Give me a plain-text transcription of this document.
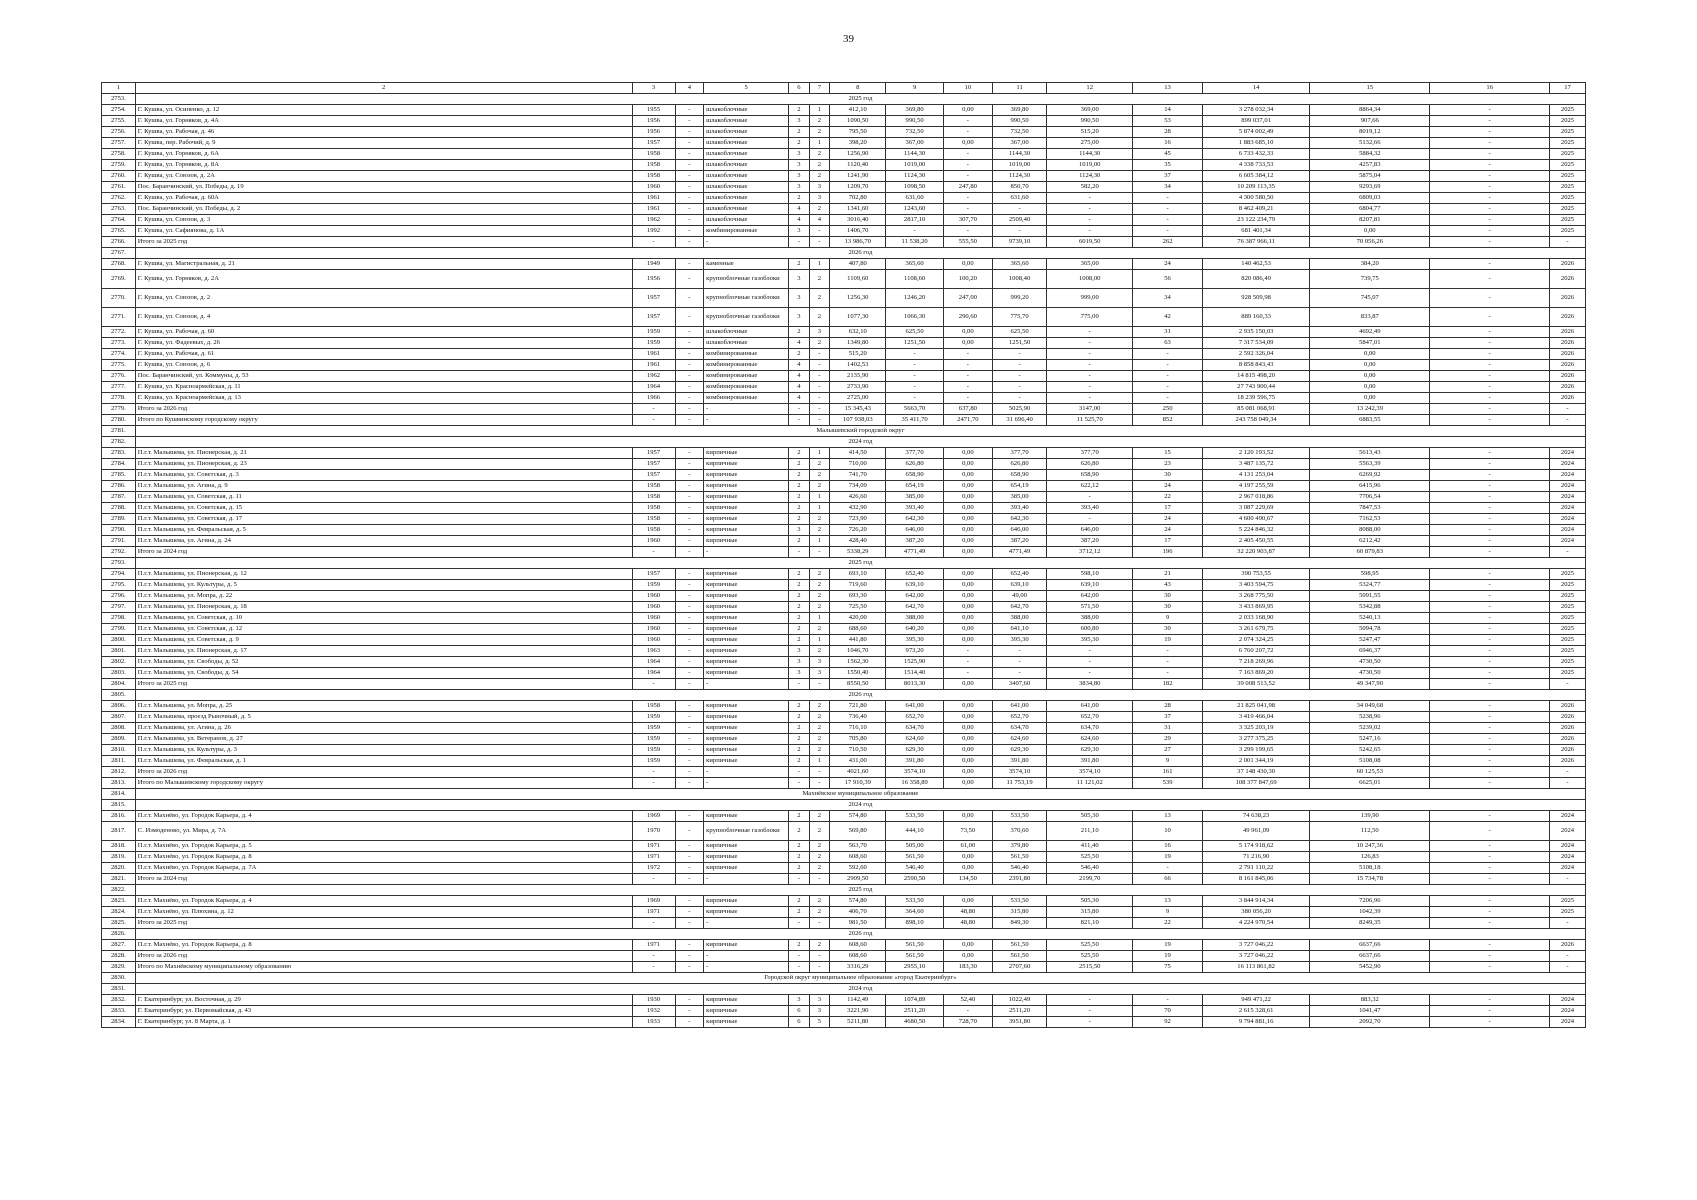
39
1	2	3	4	5	6	7	8	9	10	11	12	13	14	15	16	17
2753.	2025 год															
2754.	Г. Кушва, ул. Осипенко, д. 12	1955	-	шлакоблочные	2	1	412,10	369,80	0,00	369,80	369,00	14	3 278 032,34	8864,34	-	2025
2755.	Г. Кушва, ул. Горняков, д. 4А	1956	-	шлакоблочные	3	2	1090,50	990,50	-	990,50	990,50	53	899 037,01	907,66	-	2025
2756.	Г. Кушва, ул. Рабочая, д. 46	1956	-	шлакоблочные	2	2	795,50	732,50	-	732,50	515,20	28	5 874 002,49	8019,12	-	2025
2757.	Г. Кушва, пер. Рабочий, д. 9	1957	-	шлакоблочные	2	1	398,20	367,00	0,00	367,00	275,00	16	1 883 685,10	5132,66	-	2025
2758.	Г. Кушва, ул. Горняков, д. 6А	1958	-	шлакоблочные	3	2	1256,90	1144,30	-	1144,30	1144,30	45	6 733 432,33	5884,32	-	2025
2759.	Г. Кушва, ул. Горняков, д. 8А	1958	-	шлакоблочные	3	2	1120,40	1019,00	-	1019,00	1019,00	35	4 338 733,53	4257,83	-	2025
2760.	Г. Кушва, ул. Союзов, д. 2А	1958	-	шлакоблочные	3	2	1241,90	1124,30	-	1124,30	1124,30	37	6 605 384,12	5875,04	-	2025
2761.	Пос. Баранчинский, ул. Победы, д. 19	1960	-	шлакоблочные	3	3	1209,70	1098,50	247,80	850,70	582,20	34	10 209 113,35	9293,69	-	2025
2762.	Г. Кушва, ул. Рабочая, д. 60А	1961	-	шлакоблочные	2	3	702,80	631,60	-	631,60	-	-	4 300 580,50	6809,03	-	2025
2763.	Пос. Баранчинский, ул. Победы, д. 2	1961	-	шлакоблочные	4	2	1341,60	1243,60	-	-	-	-	8 462 409,21	6804,77	-	2025
2764.	Г. Кушва, ул. Союзов, д. 3	1962	-	шлакоблочные	4	4	3016,40	2817,10	307,70	2509,40	-	-	23 122 234,79	8207,81	-	2025
2765.	Г. Кушва, ул. Сафиянова, д. 1А	1992	-	комбинированные	3	-	1406,70	-	-	-	-	-	681 401,34	0,00	-	2025
2766.	Итого за 2025 год	-	-	-	-	-	13 986,70	11 538,20	555,50	9739,10	6019,50	262	76 387 966,11	70 056,26	-	-
2767.	2026 год															
2768.	Г. Кушва, ул. Магистральная, д. 21	1949	-	каменные	2	1	407,80	365,60	0,00	365,60	365,00	24	140 462,53	384,20	-	2026
2769.	Г. Кушва, ул. Горняков, д. 2А	1956	-	крупноблочные газоблоки	3	2	1109,60	1108,60	100,20	1008,40	1008,00	56	820 086,49	739,75	-	2026
2770.	Г. Кушва, ул. Союзов, д. 2	1957	-	крупноблочные газоблоки	3	2	1256,30	1246,20	247,00	999,20	999,00	34	928 509,98	745,07	-	2026
2771.	Г. Кушва, ул. Союзов, д. 4	1957	-	крупноблочные газоблоки	3	2	1077,30	1066,30	290,60	775,70	775,00	42	889 160,33	833,87	-	2026
2772.	Г. Кушва, ул. Рабочая, д. 60	1959	-	шлакоблочные	2	3	632,10	625,50	0,00	625,50	-	31	2 935 150,03	4692,49	-	2026
2773.	Г. Кушва, ул. Фадеевых, д. 26	1959	-	шлакоблочные	4	2	1349,80	1251,50	0,00	1251,50	-	63	7 317 534,09	5847,01	-	2026
2774.	Г. Кушва, ул. Рабочая, д. 61	1961	-	комбинированные	2	-	515,20	-	-	-	-	-	2 592 326,04	0,00	-	2026
2775.	Г. Кушва, ул. Союзов, д. 6	1961	-	комбинированные	4	-	1402,53	-	-	-	-	-	8 858 843,43	0,00	-	2026
2776.	Пос. Баранчинский, ул. Коммуны, д. 53	1962	-	комбинированные	4	-	2135,90	-	-	-	-	-	14 815 498,20	0,00	-	2026
2777.	Г. Кушва, ул. Красноармейская, д. 11	1964	-	комбинированные	4	-	2733,90	-	-	-	-	-	27 743 900,44	0,00	-	2026
2778.	Г. Кушва, ул. Красноармейская, д. 13	1966	-	комбинированные	4	-	2725,00	-	-	-	-	-	18 239 596,75	0,00	-	2026
2779.	Итого за 2026 год	-	-	-	-	-	15 345,43	5663,70	637,80	5025,90	3147,00	250	85 081 068,91	13 242,39	-	-
2780.	Итого по Кушвинскому городскому округу	-	-	-	-	-	107 938,03	35 411,70	2471,70	31 696,40	11 525,70	852	243 758 049,34	6883,55	-	-
2781.	Малышевский городской округ															
2782.	2024 год															
2783.	П.г.т. Малышева, ул. Пионерская, д. 21	1957	-	кирпичные	2	1	414,50	377,70	0,00	377,70	377,70	15	2 120 193,52	5613,43	-	2024
2784.	П.г.т. Малышева, ул. Пионерская, д. 23	1957	-	кирпичные	2	2	710,00	626,80	0,00	626,80	626,80	23	3 487 135,72	5563,39	-	2024
2785.	П.г.т. Малышева, ул. Советская, д. 3	1957	-	кирпичные	2	2	741,70	658,90	0,00	658,90	658,90	30	4 131 253,04	6269,92	-	2024
2786.	П.г.т. Малышева, ул. Агина, д. 9	1958	-	кирпичные	2	2	734,09	654,19	0,00	654,19	622,12	24	4 197 255,59	6415,96	-	2024
2787.	П.г.т. Малышева, ул. Советская, д. 11	1958	-	кирпичные	2	1	426,60	385,00	0,00	385,00	-	22	2 967 018,86	7706,54	-	2024
2788.	П.г.т. Малышева, ул. Советская, д. 15	1958	-	кирпичные	2	1	432,90	393,40	0,00	393,40	393,40	17	3 087 229,69	7847,53	-	2024
2789.	П.г.т. Малышева, ул. Советская, д. 17	1958	-	кирпичные	2	2	723,90	642,30	0,00	642,30	-	24	4 600 490,67	7162,53	-	2024
2790.	П.г.т. Малышева, ул. Февральская, д. 5	1958	-	кирпичные	3	2	726,20	646,00	0,00	646,00	646,00	24	5 224 846,32	8088,00	-	2024
2791.	П.г.т. Малышева, ул. Агина, д. 24	1960	-	кирпичные	2	1	428,40	387,20	0,00	387,20	387,20	17	2 405 450,55	6212,42	-	2024
2792.	Итого за 2024 год	-	-	-	-	-	5338,29	4771,49	0,00	4771,49	3712,12	196	32 220 903,87	60 879,83	-	-
2793.	2025 год															
2794.	П.г.т. Малышева, ул. Пионерская, д. 12	1957	-	кирпичные	2	2	693,10	652,40	0,00	652,40	598,10	21	390 753,55	598,95	-	2025
2795.	П.г.т. Малышева, ул. Культуры, д. 5	1959	-	кирпичные	2	2	719,60	639,10	0,00	639,10	639,10	43	3 403 594,75	5324,77	-	2025
2796.	П.г.т. Малышева, ул. Мопра, д. 22	1960	-	кирпичные	2	2	693,30	642,00	0,00	49,00	642,00	30	3 268 775,50	5091,55	-	2025
2797.	П.г.т. Малышева, ул. Пионерская, д. 18	1960	-	кирпичные	2	2	725,50	642,70	0,00	642,70	571,50	30	3 433 869,95	5342,88	-	2025
2798.	П.г.т. Малышева, ул. Советская, д. 10	1960	-	кирпичные	2	1	420,00	388,00	0,00	388,00	388,00	9	2 033 168,90	5240,13	-	2025
2799.	П.г.т. Малышева, ул. Советская, д. 12	1960	-	кирпичные	2	2	688,60	640,20	0,00	641,10	600,80	30	3 261 679,75	5094,78	-	2025
2800.	П.г.т. Малышева, ул. Советская, д. 9	1960	-	кирпичные	2	1	441,80	395,30	0,00	395,30	395,30	19	2 074 324,25	5247,47	-	2025
2801.	П.г.т. Малышева, ул. Пионерская, д. 17	1963	-	кирпичные	3	2	1046,70	973,20	-	-	-	-	6 760 207,72	6946,37	-	2025
2802.	П.г.т. Малышева, ул. Свободы, д. 52	1964	-	кирпичные	3	3	1562,30	1525,90	-	-	-	-	7 218 269,96	4730,50	-	2025
2803.	П.г.т. Малышева, ул. Свободы, д. 54	1964	-	кирпичные	3	3	1550,40	1514,40	-	-	-	-	7 163 869,20	4730,50	-	2025
2804.	Итого за 2025 год	-	-	-	-	-	8550,50	8013,30	0,00	3407,60	3834,80	182	39 008 513,52	49 347,90	-	-
2805.	2026 год															
2806.	П.г.т. Малышева, ул. Мопра, д. 25	1958	-	кирпичные	2	2	721,80	641,00	0,00	641,00	641,00	28	21 825 041,98	34 049,68	-	2026
2807.	П.г.т. Малышева, проезд Рыночный, д. 5	1959	-	кирпичные	2	2	736,40	652,70	0,00	652,70	652,70	37	3 419 466,04	5238,96	-	2026
2808.	П.г.т. Малышева, ул. Агина, д. 26	1959	-	кирпичные	2	2	716,10	634,70	0,00	634,70	634,70	31	3 325 203,19	5239,02	-	2026
2809.	П.г.т. Малышева, ул. Ветеранов, д. 27	1959	-	кирпичные	2	2	705,80	624,60	0,00	624,60	624,60	29	3 277 375,25	5247,16	-	2026
2810.	П.г.т. Малышева, ул. Культуры, д. 3	1959	-	кирпичные	2	2	710,50	629,30	0,00	629,30	629,30	27	3 299 199,65	5242,65	-	2026
2811.	П.г.т. Малышева, ул. Февральская, д. 1	1959	-	кирпичные	2	1	431,00	391,80	0,00	391,80	391,80	9	2 001 344,19	5108,08	-	2026
2812.	Итого за 2026 год	-	-	-	-	-	4021,60	3574,10	0,00	3574,10	3574,10	161	37 148 430,30	60 125,53	-	-
2813.	Итого по Малышевскому городскому округу	-	-	-	-	-	17 910,39	16 358,89	0,00	11 753,19	11 121,02	539	108 377 847,69	6625,01	-	-
2814.	Махнёвское муниципальное образование															
2815.	2024 год															
2816.	П.г.т. Махнёво, ул. Городок Карьера, д. 4	1969	-	кирпичные	2	2	574,80	533,50	0,00	533,50	505,30	13	74 638,23	139,90	-	2024
2817.	С. Измоденово, ул. Мира, д. 7А	1970	-	крупноблочные газоблоки	2	2	569,80	444,10	73,50	370,60	211,10	10	49 961,09	112,50	-	2024
2818.	П.г.т. Махнёво, ул. Городок Карьера, д. 5	1971	-	кирпичные	2	2	563,70	505,00	61,00	379,80	411,40	16	5 174 918,62	10 247,36	-	2024
2819.	П.г.т. Махнёво, ул. Городок Карьера, д. 8	1971	-	кирпичные	2	2	608,60	561,50	0,00	561,50	525,50	19	71 216,90	126,83	-	2024
2820.	П.г.т. Махнёво, ул. Городок Карьера, д. 7А	1972	-	кирпичные	2	2	592,60	546,40	0,00	546,40	546,40	-	2 791 110,22	5108,18	-	2024
2821.	Итого за 2024 год	-	-	-	-	-	2909,50	2590,50	134,50	2391,80	2199,70	66	8 161 845,06	15 734,78	-	-
2822.	2025 год															
2823.	П.г.т. Махнёво, ул. Городок Карьера, д. 4	1969	-	кирпичные	2	2	574,80	533,50	0,00	533,50	505,30	13	3 844 914,34	7206,96	-	2025
2824.	П.г.т. Махнёво, ул. Плюхина, д. 12	1971	-	кирпичные	2	2	406,70	364,60	48,80	315,80	315,80	9	380 056,20	1042,39	-	2025
2825.	Итого за 2025 год	-	-	-	-	-	981,50	898,10	48,80	849,30	821,10	22	4 224 970,54	8249,35	-	-
2826.	2026 год															
2827.	П.г.т. Махнёво, ул. Городок Карьера, д. 8	1971	-	кирпичные	2	2	608,60	561,50	0,00	561,50	525,50	19	3 727 046,22	6637,66	-	2026
2828.	Итого за 2026 год	-	-	-	-	-	608,60	561,50	0,00	561,50	525,50	19	3 727 046,22	6637,66	-	-
2829.	Итого по Махнёвскому муниципальному образованию	-	-	-	-	-	3316,29	2955,10	183,30	2707,60	2515,50	75	16 113 861,82	5452,90	-	-
2830.	Городской округ муниципальное образование «город Екатеринбург»															
2831.	2024 год															
2832.	Г. Екатеринбург, ул. Восточная, д. 29	1930	-	кирпичные	3	3	1142,49	1074,89	52,40	1022,49	-	-	949 471,22	883,32	-	2024
2833.	Г. Екатеринбург, ул. Первомайская, д. 43	1932	-	кирпичные	6	3	3221,90	2511,20	-	2511,20	-	70	2 615 328,61	1041,47	-	2024
2834.	Г. Екатеринбург, ул. 8 Марта, д. 1	1933	-	кирпичные	6	5	5211,80	4680,50	728,70	3951,80	-	92	9 794 881,16	2092,70	-	2024
